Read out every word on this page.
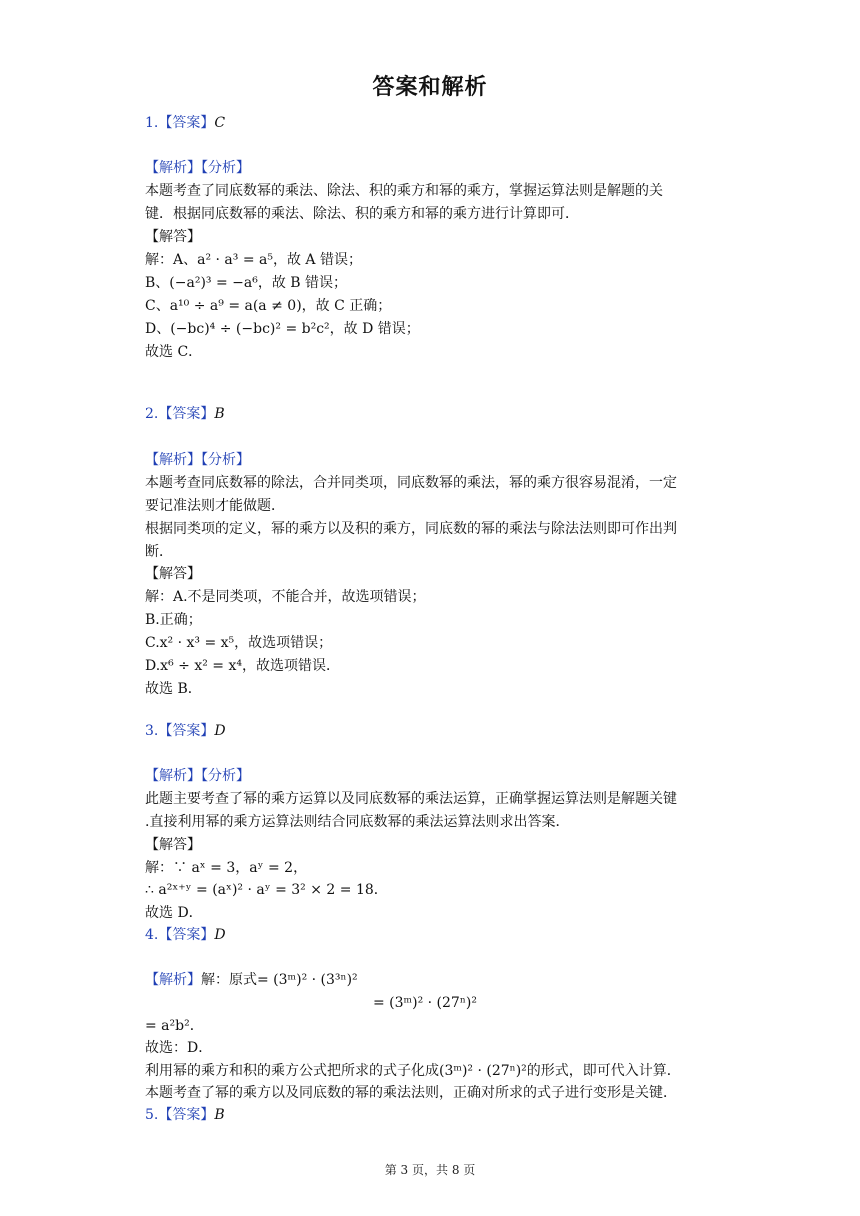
答案和解析
1.【答案】C
【解析】【分析】
本题考查了同底数幂的乘法、除法、积的乘方和幂的乘方，掌握运算法则是解题的关
键．根据同底数幂的乘法、除法、积的乘方和幂的乘方进行计算即可．
【解答】
解：A、a² · a³ = a⁵，故 A 错误；
B、(−a²)³ = −a⁶，故 B 错误；
C、a¹⁰ ÷ a⁹ = a(a ≠ 0)，故 C 正确；
D、(−bc)⁴ ÷ (−bc)² = b²c²，故 D 错误；
故选 C．
2.【答案】B
【解析】【分析】
本题考查同底数幂的除法，合并同类项，同底数幂的乘法，幂的乘方很容易混淆，一定
要记准法则才能做题．
根据同类项的定义，幂的乘方以及积的乘方，同底数的幂的乘法与除法法则即可作出判
断．
【解答】
解：A.不是同类项，不能合并，故选项错误；
B.正确；
C.x² · x³ = x⁵，故选项错误；
D.x⁶ ÷ x² = x⁴，故选项错误．
故选 B．
3.【答案】D
【解析】【分析】
此题主要考查了幂的乘方运算以及同底数幂的乘法运算，正确掌握运算法则是解题关键
.直接利用幂的乘方运算法则结合同底数幂的乘法运算法则求出答案．
【解答】
解：∵ aˣ = 3，aʸ = 2，
∴ a²ˣ⁺ʸ = (aˣ)² · aʸ = 3² × 2 = 18．
故选 D．
4.【答案】D
【解析】解：原式= (3ᵐ)² · (3³ⁿ)²
= (3ᵐ)² · (27ⁿ)²
= a²b²．
故选：D．
利用幂的乘方和积的乘方公式把所求的式子化成(3ᵐ)² · (27ⁿ)²的形式，即可代入计算．
本题考查了幂的乘方以及同底数的幂的乘法法则，正确对所求的式子进行变形是关键．
5.【答案】B
第 3 页，共 8 页
